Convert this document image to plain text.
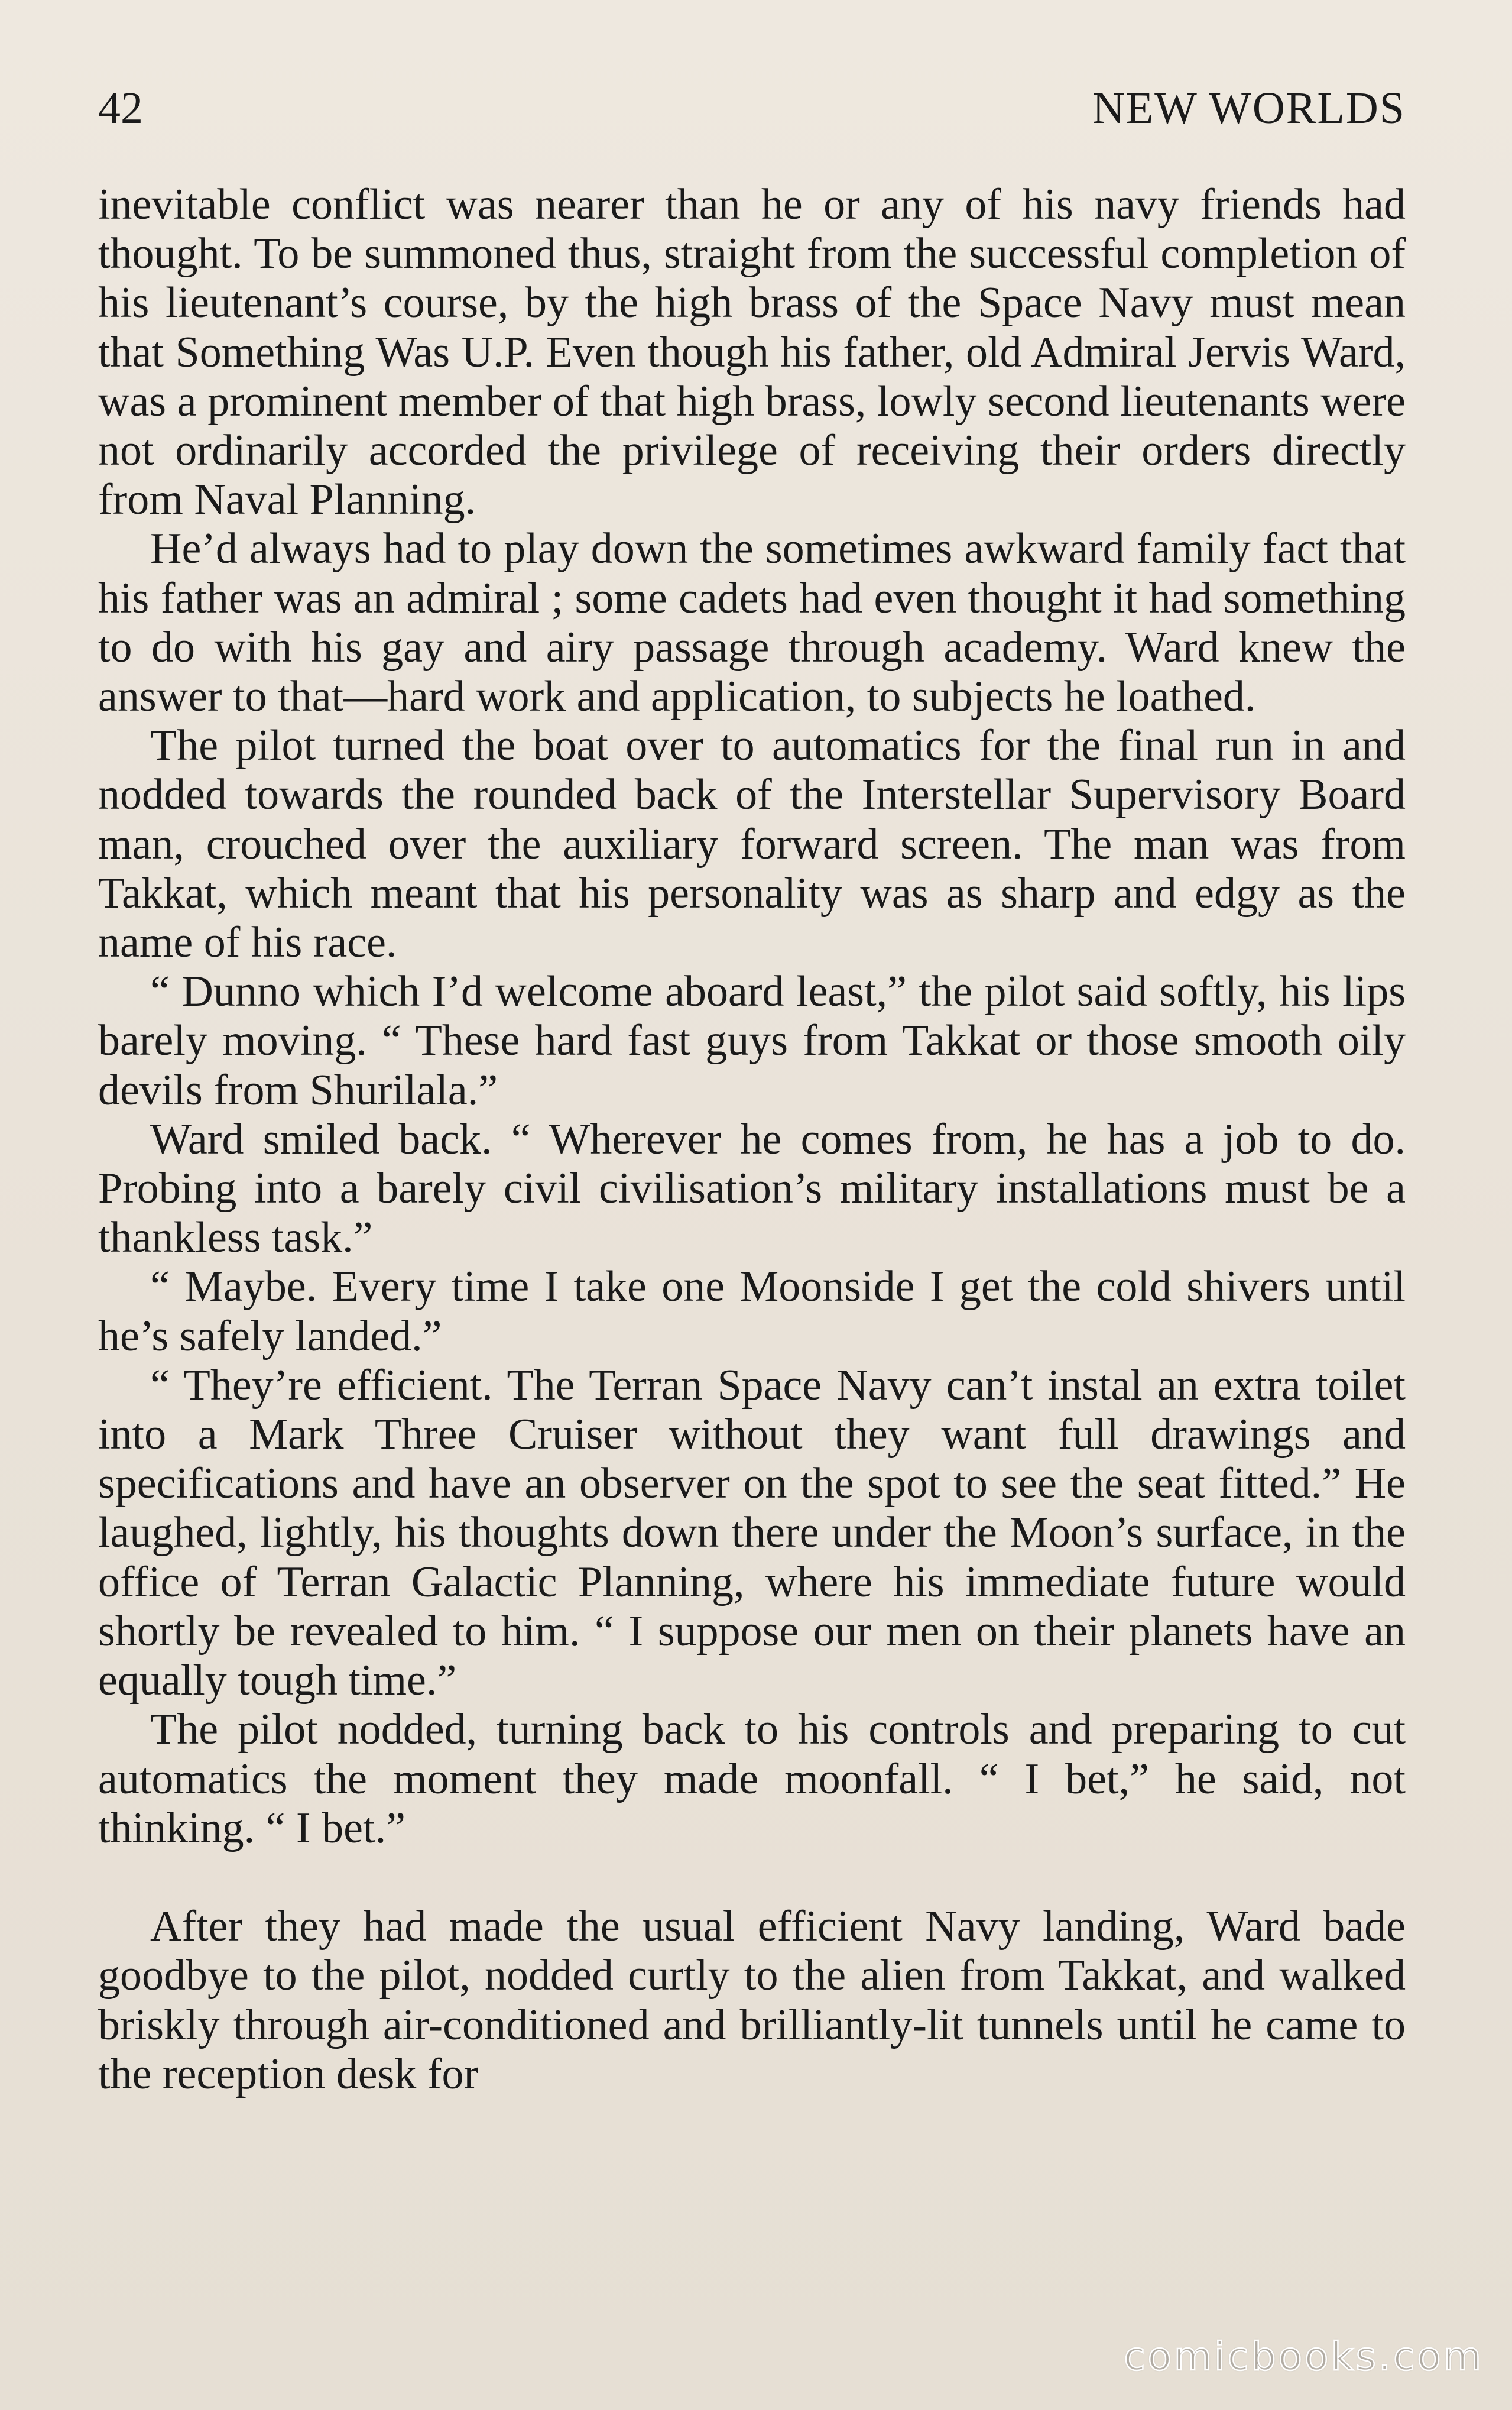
42	NEW WORLDS

inevitable conflict was nearer than he or any of his navy friends had thought. To be summoned thus, straight from the successful completion of his lieutenant’s course, by the high brass of the Space Navy must mean that Something Was U.P. Even though his father, old Admiral Jervis Ward, was a prominent member of that high brass, lowly second lieutenants were not ordinarily accorded the privilege of receiving their orders directly from Naval Planning.

He’d always had to play down the sometimes awkward family fact that his father was an admiral ; some cadets had even thought it had something to do with his gay and airy passage through academy. Ward knew the answer to that—hard work and application, to subjects he loathed.

The pilot turned the boat over to automatics for the final run in and nodded towards the rounded back of the Interstellar Supervisory Board man, crouched over the auxiliary forward screen. The man was from Takkat, which meant that his personality was as sharp and edgy as the name of his race.

“ Dunno which I’d welcome aboard least,” the pilot said softly, his lips barely moving. “ These hard fast guys from Takkat or those smooth oily devils from Shurilala.”

Ward smiled back. “ Wherever he comes from, he has a job to do. Probing into a barely civil civilisation’s military installations must be a thankless task.”

“ Maybe. Every time I take one Moonside I get the cold shivers until he’s safely landed.”

“ They’re efficient. The Terran Space Navy can’t instal an extra toilet into a Mark Three Cruiser without they want full drawings and specifications and have an observer on the spot to see the seat fitted.” He laughed, lightly, his thoughts down there under the Moon’s surface, in the office of Terran Galactic Planning, where his immediate future would shortly be revealed to him. “ I suppose our men on their planets have an equally tough time.”

The pilot nodded, turning back to his controls and preparing to cut automatics the moment they made moonfall. “ I bet,” he said, not thinking. “ I bet.”

After they had made the usual efficient Navy landing, Ward bade goodbye to the pilot, nodded curtly to the alien from Takkat, and walked briskly through air-conditioned and brilliantly-lit tunnels until he came to the reception desk for

comicbooks.com
